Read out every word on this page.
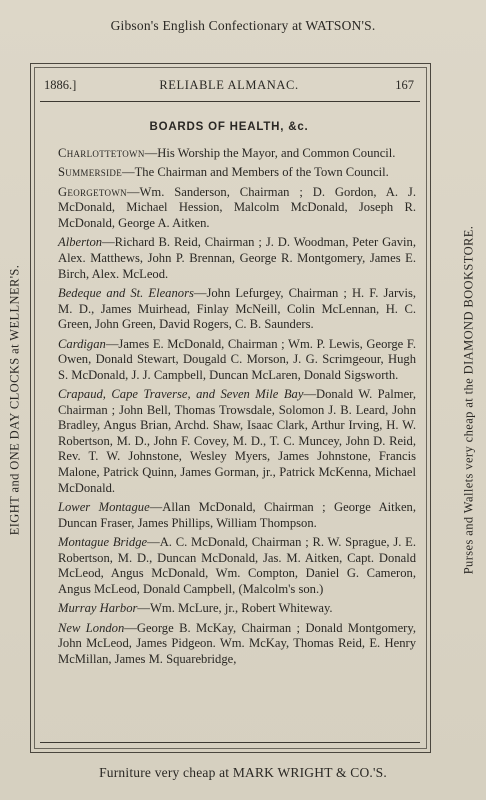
Gibson's English Confectionary at WATSON'S.
EIGHT and ONE DAY CLOCKS at WELLNER'S.	Purses and Wallets very cheap at the DIAMOND BOOKSTORE.
RELIABLE ALMANAC.
1886.]	167
BOARDS OF HEALTH, &c.

Charlottetown—His Worship the Mayor, and Common Council.

Summerside—The Chairman and Members of the Town Council.

Georgetown—Wm. Sanderson, Chairman ; D. Gordon, A. J. McDonald, Michael Hession, Malcolm McDonald, Joseph R. McDonald, George A. Aitken.

Alberton—Richard B. Reid, Chairman ; J. D. Woodman, Peter Gavin, Alex. Matthews, John P. Brennan, George R. Montgomery, James E. Birch, Alex. McLeod.

Bedeque and St. Eleanors—John Lefurgey, Chairman ; H. F. Jarvis, M. D., James Muirhead, Finlay McNeill, Colin McLennan, H. C. Green, John Green, David Rogers, C. B. Saunders.

Cardigan—James E. McDonald, Chairman ; Wm. P. Lewis, George F. Owen, Donald Stewart, Dougald C. Morson, J. G. Scrimgeour, Hugh S. McDonald, J. J. Campbell, Duncan McLaren, Donald Sigsworth.

Crapaud, Cape Traverse, and Seven Mile Bay—Donald W. Palmer, Chairman ; John Bell, Thomas Trowsdale, Solomon J. B. Leard, John Bradley, Angus Brian, Archd. Shaw, Isaac Clark, Arthur Irving, H. W. Robertson, M. D., John F. Covey, M. D., T. C. Muncey, John D. Reid, Rev. T. W. Johnstone, Wesley Myers, James Johnstone, Francis Malone, Patrick Quinn, James Gorman, jr., Patrick McKenna, Michael McDonald.

Lower Montague—Allan McDonald, Chairman ; George Aitken, Duncan Fraser, James Phillips, William Thompson.

Montague Bridge—A. C. McDonald, Chairman ; R. W. Sprague, J. E. Robertson, M. D., Duncan McDonald, Jas. M. Aitken, Capt. Donald McLeod, Angus McDonald, Wm. Compton, Daniel G. Cameron, Angus McLeod, Donald Campbell, (Malcolm's son.)

Murray Harbor—Wm. McLure, jr., Robert Whiteway.

New London—George B. McKay, Chairman ; Donald Montgomery, John McLeod, James Pidgeon. Wm. McKay, Thomas Reid, E. Henry McMillan, James M. Squarebridge,

Furniture very cheap at MARK WRIGHT & CO.'S.
